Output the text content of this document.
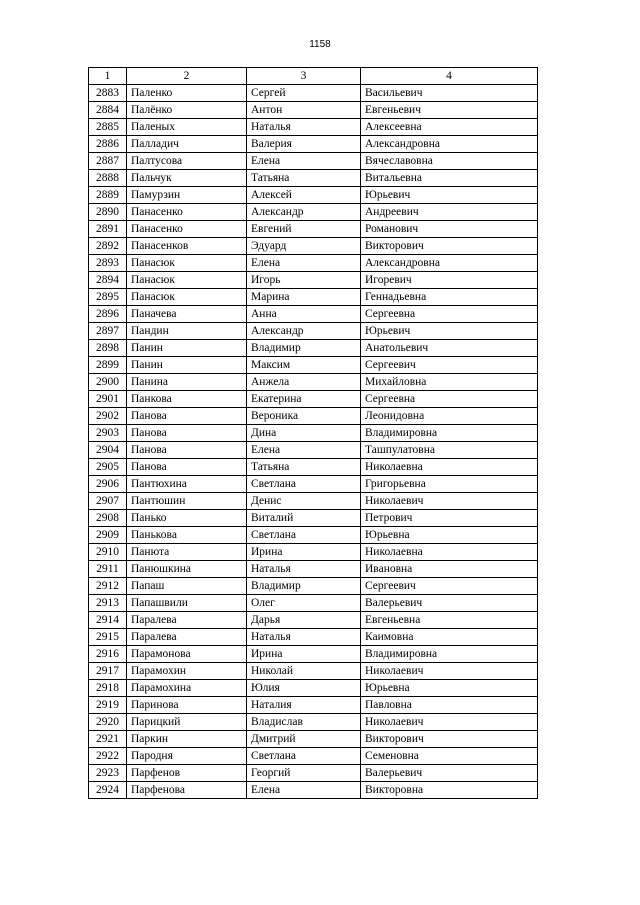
1158
1	2	3	4
2883	Паленко	Сергей	Васильевич
2884	Палёнко	Антон	Евгеньевич
2885	Паленых	Наталья	Алексеевна
2886	Палладич	Валерия	Александровна
2887	Палтусова	Елена	Вячеславовна
2888	Пальчук	Татьяна	Витальевна
2889	Памурзин	Алексей	Юрьевич
2890	Панасенко	Александр	Андреевич
2891	Панасенко	Евгений	Романович
2892	Панасенков	Эдуард	Викторович
2893	Панасюк	Елена	Александровна
2894	Панасюк	Игорь	Игоревич
2895	Панасюк	Марина	Геннадьевна
2896	Паначева	Анна	Сергеевна
2897	Пандин	Александр	Юрьевич
2898	Панин	Владимир	Анатольевич
2899	Панин	Максим	Сергеевич
2900	Панина	Анжела	Михайловна
2901	Панкова	Екатерина	Сергеевна
2902	Панова	Вероника	Леонидовна
2903	Панова	Дина	Владимировна
2904	Панова	Елена	Ташпулатовна
2905	Панова	Татьяна	Николаевна
2906	Пантюхина	Светлана	Григорьевна
2907	Пантюшин	Денис	Николаевич
2908	Панько	Виталий	Петрович
2909	Панькова	Светлана	Юрьевна
2910	Панюта	Ирина	Николаевна
2911	Панюшкина	Наталья	Ивановна
2912	Папаш	Владимир	Сергеевич
2913	Папашвили	Олег	Валерьевич
2914	Паралева	Дарья	Евгеньевна
2915	Паралева	Наталья	Каимовна
2916	Парамонова	Ирина	Владимировна
2917	Парамохин	Николай	Николаевич
2918	Парамохина	Юлия	Юрьевна
2919	Паринова	Наталия	Павловна
2920	Парицкий	Владислав	Николаевич
2921	Паркин	Дмитрий	Викторович
2922	Пародня	Светлана	Семеновна
2923	Парфенов	Георгий	Валерьевич
2924	Парфенова	Елена	Викторовна
